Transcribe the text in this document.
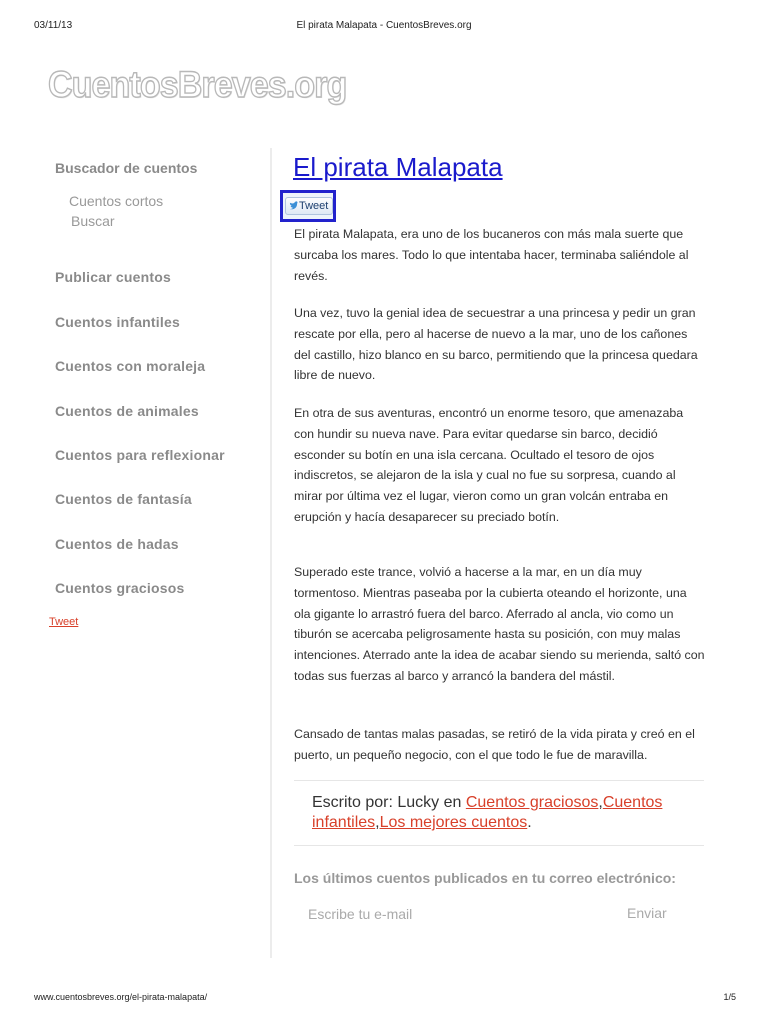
03/11/13	El pirata Malapata - CuentosBreves.org
CuentosBreves.org
Buscador de cuentos
Cuentos cortos
Buscar
Publicar cuentos
Cuentos infantiles
Cuentos con moraleja
Cuentos de animales
Cuentos para reflexionar
Cuentos de fantasía
Cuentos de hadas
Cuentos graciosos
Tweet
El pirata Malapata
Tweet

El pirata Malapata, era uno de los bucaneros con más mala suerte que surcaba los mares. Todo lo que intentaba hacer, terminaba saliéndole al revés.

Una vez, tuvo la genial idea de secuestrar a una princesa y pedir un gran rescate por ella, pero al hacerse de nuevo a la mar, uno de los cañones del castillo, hizo blanco en su barco, permitiendo que la princesa quedara libre de nuevo.

En otra de sus aventuras, encontró un enorme tesoro, que amenazaba con hundir su nueva nave. Para evitar quedarse sin barco, decidió esconder su botín en una isla cercana. Ocultado el tesoro de ojos indiscretos, se alejaron de la isla y cual no fue su sorpresa, cuando al mirar por última vez el lugar, vieron como un gran volcán entraba en erupción y hacía desaparecer su preciado botín.

Superado este trance, volvió a hacerse a la mar, en un día muy tormentoso. Mientras paseaba por la cubierta oteando el horizonte, una ola gigante lo arrastró fuera del barco. Aferrado al ancla, vio como un tiburón se acercaba peligrosamente hasta su posición, con muy malas intenciones. Aterrado ante la idea de acabar siendo su merienda, saltó con todas sus fuerzas al barco y arrancó la bandera del mástil.

Cansado de tantas malas pasadas, se retiró de la vida pirata y creó en el puerto, un pequeño negocio, con el que todo le fue de maravilla.

Escrito por: Lucky en Cuentos graciosos,Cuentos infantiles,Los mejores cuentos.
Los últimos cuentos publicados en tu correo electrónico:
Escribe tu e-mail
Enviar
www.cuentosbreves.org/el-pirata-malapata/	1/5
